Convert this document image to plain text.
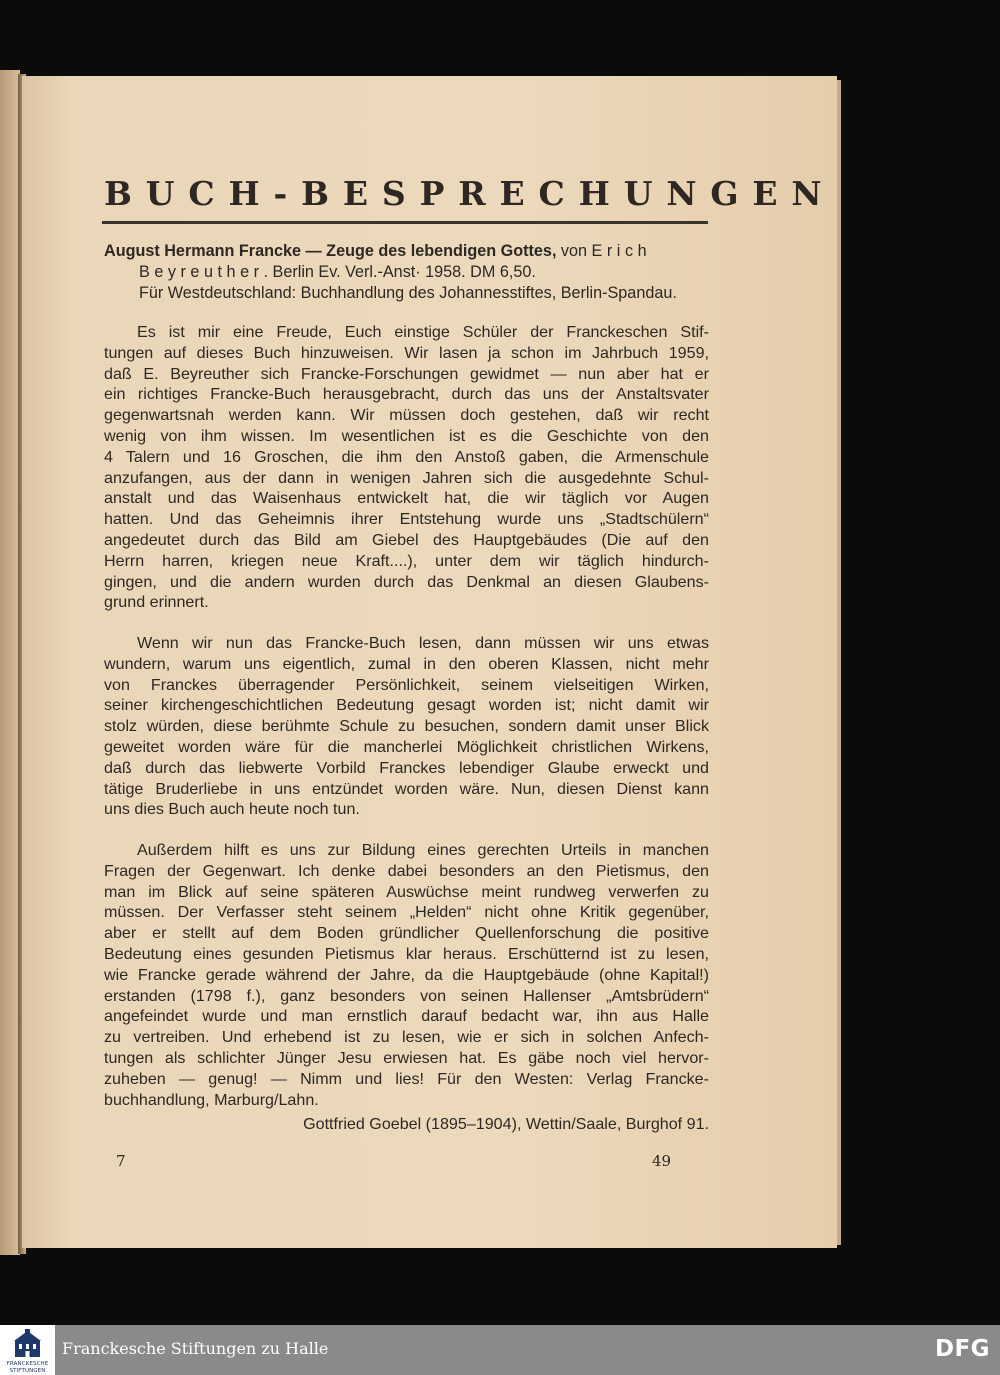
BUCH-BESPRECHUNGEN
August Hermann Francke — Zeuge des lebendigen Gottes, von Erich
Beyreuther. Berlin Ev. Verl.-Anst· 1958. DM 6,50.
Für Westdeutschland: Buchhandlung des Johannesstiftes, Berlin-Spandau.
Es ist mir eine Freude, Euch einstige Schüler der Franckeschen Stif-
tungen auf dieses Buch hinzuweisen. Wir lasen ja schon im Jahrbuch 1959,
daß E. Beyreuther sich Francke-Forschungen gewidmet — nun aber hat er
ein richtiges Francke-Buch herausgebracht, durch das uns der Anstaltsvater
gegenwartsnah werden kann. Wir müssen doch gestehen, daß wir recht
wenig von ihm wissen. Im wesentlichen ist es die Geschichte von den
4 Talern und 16 Groschen, die ihm den Anstoß gaben, die Armenschule
anzufangen, aus der dann in wenigen Jahren sich die ausgedehnte Schul-
anstalt und das Waisenhaus entwickelt hat, die wir täglich vor Augen
hatten. Und das Geheimnis ihrer Entstehung wurde uns „Stadtschülern“
angedeutet durch das Bild am Giebel des Hauptgebäudes (Die auf den
Herrn harren, kriegen neue Kraft....), unter dem wir täglich hindurch-
gingen, und die andern wurden durch das Denkmal an diesen Glaubens-
grund erinnert.
Wenn wir nun das Francke-Buch lesen, dann müssen wir uns etwas
wundern, warum uns eigentlich, zumal in den oberen Klassen, nicht mehr
von Franckes überragender Persönlichkeit, seinem vielseitigen Wirken,
seiner kirchengeschichtlichen Bedeutung gesagt worden ist; nicht damit wir
stolz würden, diese berühmte Schule zu besuchen, sondern damit unser Blick
geweitet worden wäre für die mancherlei Möglichkeit christlichen Wirkens,
daß durch das liebwerte Vorbild Franckes lebendiger Glaube erweckt und
tätige Bruderliebe in uns entzündet worden wäre. Nun, diesen Dienst kann
uns dies Buch auch heute noch tun.
Außerdem hilft es uns zur Bildung eines gerechten Urteils in manchen
Fragen der Gegenwart. Ich denke dabei besonders an den Pietismus, den
man im Blick auf seine späteren Auswüchse meint rundweg verwerfen zu
müssen. Der Verfasser steht seinem „Helden“ nicht ohne Kritik gegenüber,
aber er stellt auf dem Boden gründlicher Quellenforschung die positive
Bedeutung eines gesunden Pietismus klar heraus. Erschütternd ist zu lesen,
wie Francke gerade während der Jahre, da die Hauptgebäude (ohne Kapital!)
erstanden (1798 f.), ganz besonders von seinen Hallenser „Amtsbrüdern“
angefeindet wurde und man ernstlich darauf bedacht war, ihn aus Halle
zu vertreiben. Und erhebend ist zu lesen, wie er sich in solchen Anfech-
tungen als schlichter Jünger Jesu erwiesen hat. Es gäbe noch viel hervor-
zuheben — genug! — Nimm und lies! Für den Westen: Verlag Francke-
buchhandlung, Marburg/Lahn.
Gottfried Goebel (1895–1904), Wettin/Saale, Burghof 91.
7	49
FRANCKESCHE
STIFTUNGEN
Franckesche Stiftungen zu Halle	DFG
